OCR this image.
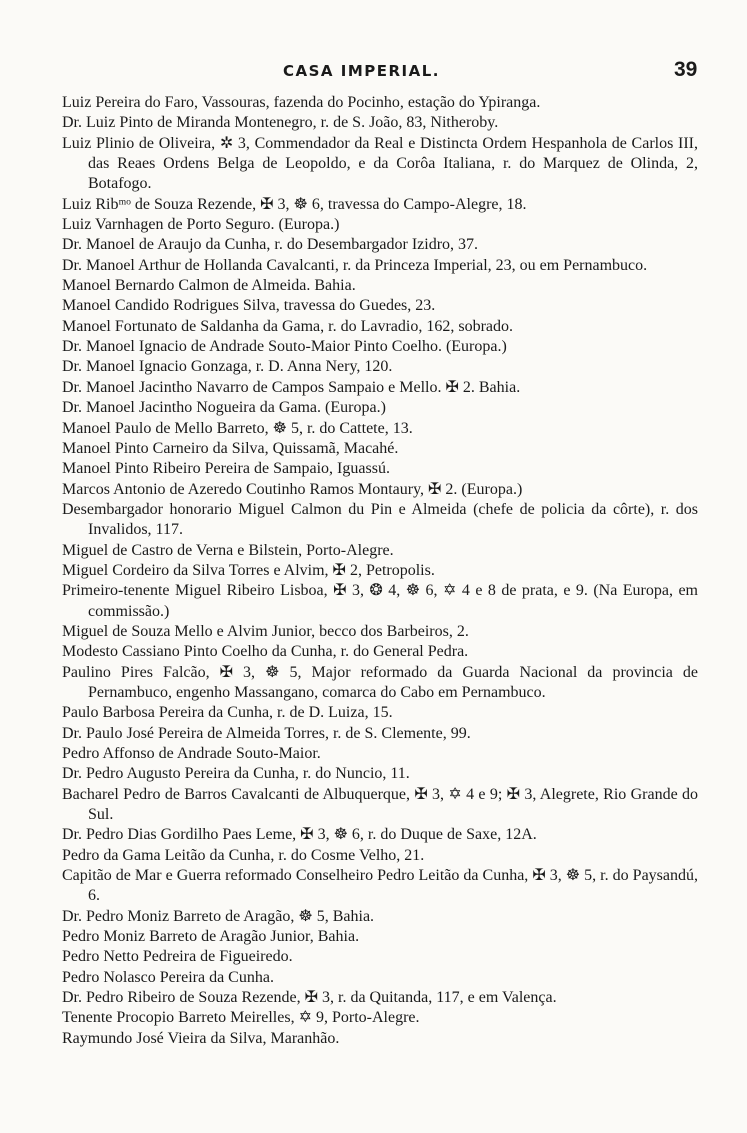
CASA IMPERIAL.	39
Luiz Pereira do Faro, Vassouras, fazenda do Pocinho, estação do Ypiranga.
Dr. Luiz Pinto de Miranda Montenegro, r. de S. João, 83, Nitheroby.
Luiz Plinio de Oliveira, ✲ 3, Commendador da Real e Distincta Ordem Hespanhola de Carlos III, das Reaes Ordens Belga de Leopoldo, e da Corôa Italiana, r. do Marquez de Olinda, 2, Botafogo.
Luiz Ribᵐᵒ de Souza Rezende, ✠ 3, ☸ 6, travessa do Campo-Alegre, 18.
Luiz Varnhagen de Porto Seguro. (Europa.)
Dr. Manoel de Araujo da Cunha, r. do Desembargador Izidro, 37.
Dr. Manoel Arthur de Hollanda Cavalcanti, r. da Princeza Imperial, 23, ou em Pernambuco.
Manoel Bernardo Calmon de Almeida. Bahia.
Manoel Candido Rodrigues Silva, travessa do Guedes, 23.
Manoel Fortunato de Saldanha da Gama, r. do Lavradio, 162, sobrado.
Dr. Manoel Ignacio de Andrade Souto-Maior Pinto Coelho. (Europa.)
Dr. Manoel Ignacio Gonzaga, r. D. Anna Nery, 120.
Dr. Manoel Jacintho Navarro de Campos Sampaio e Mello. ✠ 2. Bahia.
Dr. Manoel Jacintho Nogueira da Gama. (Europa.)
Manoel Paulo de Mello Barreto, ☸ 5, r. do Cattete, 13.
Manoel Pinto Carneiro da Silva, Quissamã, Macahé.
Manoel Pinto Ribeiro Pereira de Sampaio, Iguassú.
Marcos Antonio de Azeredo Coutinho Ramos Montaury, ✠ 2. (Europa.)
Desembargador honorario Miguel Calmon du Pin e Almeida (chefe de policia da côrte), r. dos Invalidos, 117.
Miguel de Castro de Verna e Bilstein, Porto-Alegre.
Miguel Cordeiro da Silva Torres e Alvim, ✠ 2, Petropolis.
Primeiro-tenente Miguel Ribeiro Lisboa, ✠ 3, ❂ 4, ☸ 6, ✡ 4 e 8 de prata, e 9. (Na Europa, em commissão.)
Miguel de Souza Mello e Alvim Junior, becco dos Barbeiros, 2.
Modesto Cassiano Pinto Coelho da Cunha, r. do General Pedra.
Paulino Pires Falcão, ✠ 3, ☸ 5, Major reformado da Guarda Nacional da provincia de Pernambuco, engenho Massangano, comarca do Cabo em Pernambuco.
Paulo Barbosa Pereira da Cunha, r. de D. Luiza, 15.
Dr. Paulo José Pereira de Almeida Torres, r. de S. Clemente, 99.
Pedro Affonso de Andrade Souto-Maior.
Dr. Pedro Augusto Pereira da Cunha, r. do Nuncio, 11.
Bacharel Pedro de Barros Cavalcanti de Albuquerque, ✠ 3, ✡ 4 e 9; ✠ 3, Alegrete, Rio Grande do Sul.
Dr. Pedro Dias Gordilho Paes Leme, ✠ 3, ☸ 6, r. do Duque de Saxe, 12A.
Pedro da Gama Leitão da Cunha, r. do Cosme Velho, 21.
Capitão de Mar e Guerra reformado Conselheiro Pedro Leitão da Cunha, ✠ 3, ☸ 5, r. do Paysandú, 6.
Dr. Pedro Moniz Barreto de Aragão, ☸ 5, Bahia.
Pedro Moniz Barreto de Aragão Junior, Bahia.
Pedro Netto Pedreira de Figueiredo.
Pedro Nolasco Pereira da Cunha.
Dr. Pedro Ribeiro de Souza Rezende, ✠ 3, r. da Quitanda, 117, e em Valença.
Tenente Procopio Barreto Meirelles, ✡ 9, Porto-Alegre.
Raymundo José Vieira da Silva, Maranhão.
